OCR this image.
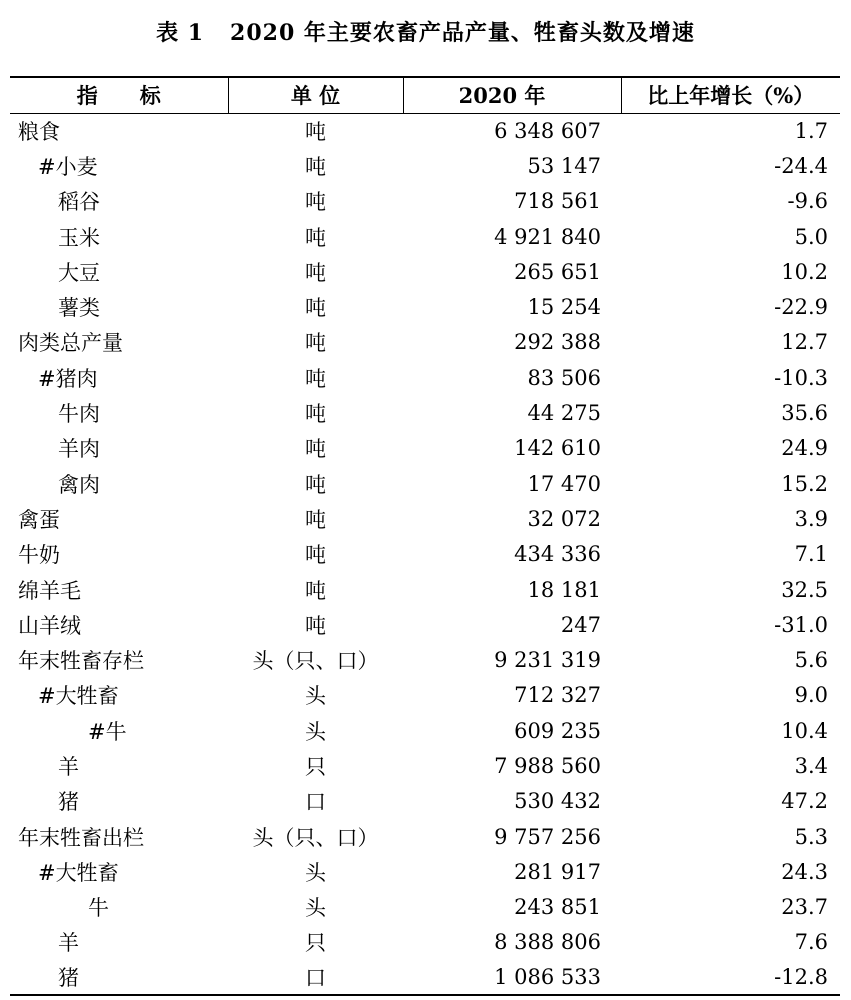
表 1 2020 年主要农畜产品产量、牲畜头数及增速
指　　标	单 位	2020 年	比上年增长（%）
粮食	吨	6 348 607	1.7
#小麦	吨	53 147	-24.4
稻谷	吨	718 561	-9.6
玉米	吨	4 921 840	5.0
大豆	吨	265 651	10.2
薯类	吨	15 254	-22.9
肉类总产量	吨	292 388	12.7
#猪肉	吨	83 506	-10.3
牛肉	吨	44 275	35.6
羊肉	吨	142 610	24.9
禽肉	吨	17 470	15.2
禽蛋	吨	32 072	3.9
牛奶	吨	434 336	7.1
绵羊毛	吨	18 181	32.5
山羊绒	吨	247	-31.0
年末牲畜存栏	头（只、口）	9 231 319	5.6
#大牲畜	头	712 327	9.0
#牛	头	609 235	10.4
羊	只	7 988 560	3.4
猪	口	530 432	47.2
年末牲畜出栏	头（只、口）	9 757 256	5.3
#大牲畜	头	281 917	24.3
牛	头	243 851	23.7
羊	只	8 388 806	7.6
猪	口	1 086 533	-12.8
